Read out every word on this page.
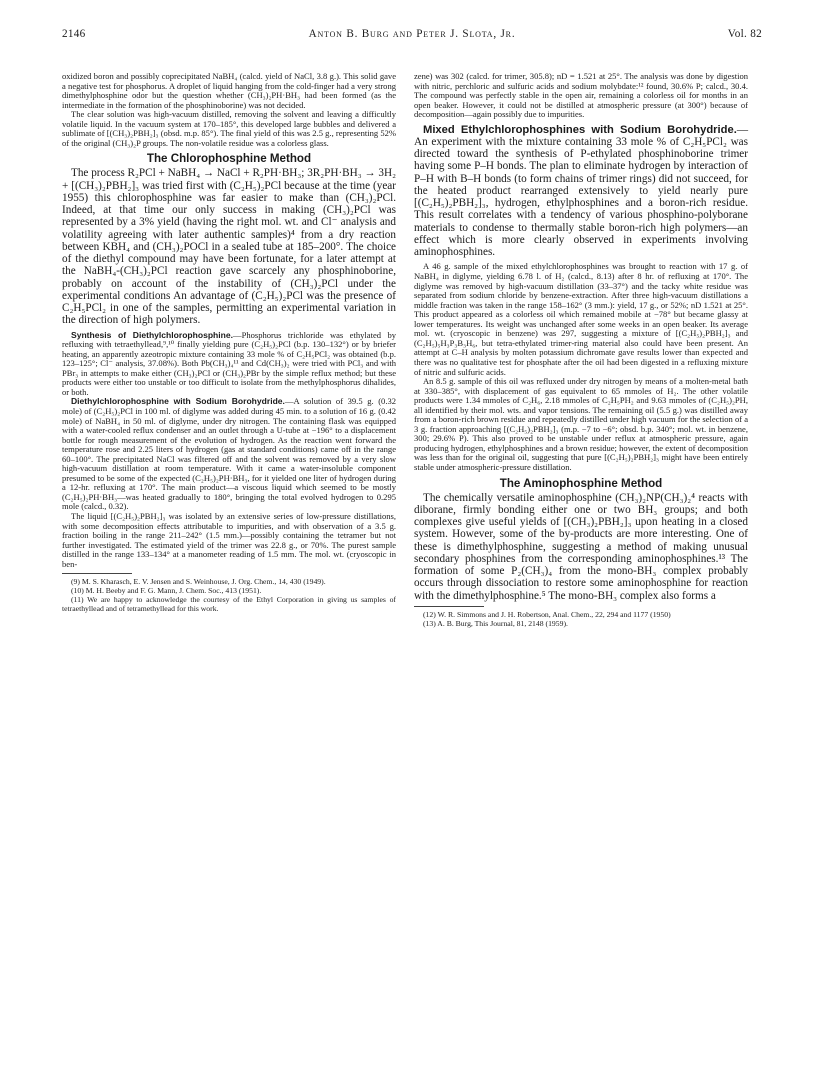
2146	Anton B. Burg and Peter J. Slota, Jr.	Vol. 82

oxidized boron and possibly coprecipitated NaBH₄ (calcd. yield of NaCl, 3.8 g.). This solid gave a negative test for phosphorus. A droplet of liquid hanging from the cold-finger had a very strong dimethylphosphine odor but the question whether (CH₃)₂PH·BH₃ had been formed (as the intermediate in the formation of the phosphinoborine) was not decided.

The clear solution was high-vacuum distilled, removing the solvent and leaving a difficultly volatile liquid. In the vacuum system at 170–185°, this developed large bubbles and delivered a sublimate of [(CH₃)₂PBH₂]₃ (obsd. m.p. 85°). The final yield of this was 2.5 g., representing 52% of the original (CH₃)₂P groups. The non-volatile residue was a colorless glass.

The Chlorophosphine Method

The process R₂PCl + NaBH₄ → NaCl + R₂PH·BH₃; 3R₂PH·BH₃ → 3H₂ + [(CH₃)₂PBH₂]₃ was tried first with (C₂H₅)₂PCl because at the time (year 1955) this chlorophosphine was far easier to make than (CH₃)₂PCl. Indeed, at that time our only success in making (CH₃)₂PCl was represented by a 3% yield (having the right mol. wt. and Cl⁻ analysis and volatility agreeing with later authentic samples)⁴ from a dry reaction between KBH₄ and (CH₃)₂POCl in a sealed tube at 185–200°. The choice of the diethyl compound may have been fortunate, for a later attempt at the NaBH₄-(CH₃)₂PCl reaction gave scarcely any phosphinoborine, probably on account of the instability of (CH₃)₂PCl under the experimental conditions An advantage of (C₂H₅)₂PCl was the presence of C₂H₅PCl₂ in one of the samples, permitting an experimental variation in the direction of high polymers.

Synthesis of Diethylchlorophosphine.—Phosphorus trichloride was ethylated by refluxing with tetraethyllead,⁹,¹⁰ finally yielding pure (C₂H₅)₂PCl (b.p. 130–132°) or by briefer heating, an apparently azeotropic mixture containing 33 mole % of C₂H₅PCl₂ was obtained (b.p. 123–125°; Cl⁻ analysis, 37.08%). Both Pb(CH₃)₄¹¹ and Cd(CH₃)₂ were tried with PCl₃ and with PBr₃ in attempts to make either (CH₃)₂PCl or (CH₃)₂PBr by the simple reflux method; but these products were either too unstable or too difficult to isolate from the methylphosphorus dihalides, or both.

Diethylchlorophosphine with Sodium Borohydride.—A solution of 39.5 g. (0.32 mole) of (C₂H₅)₂PCl in 100 ml. of diglyme was added during 45 min. to a solution of 16 g. (0.42 mole) of NaBH₄ in 50 ml. of diglyme, under dry nitrogen. The containing flask was equipped with a water-cooled reflux condenser and an outlet through a U-tube at −196° to a displacement bottle for rough measurement of the evolution of hydrogen. As the reaction went forward the temperature rose and 2.25 liters of hydrogen (gas at standard conditions) came off in the range 60–100°. The precipitated NaCl was filtered off and the solvent was removed by a very slow high-vacuum distillation at room temperature. With it came a water-insoluble component presumed to be some of the expected (C₂H₅)₂PH·BH₃, for it yielded one liter of hydrogen during a 12-hr. refluxing at 170°. The main product—a viscous liquid which seemed to be mostly (C₂H₅)₂PH·BH₃—was heated gradually to 180°, bringing the total evolved hydrogen to 0.295 mole (calcd., 0.32).

The liquid [(C₂H₅)₂PBH₂]₃ was isolated by an extensive series of low-pressure distillations, with some decomposition effects attributable to impurities, and with observation of a 3.5 g. fraction boiling in the range 211–242° (1.5 mm.)—possibly containing the tetramer but not further investigated. The estimated yield of the trimer was 22.8 g., or 70%. The purest sample distilled in the range 133–134° at a manometer reading of 1.5 mm. The mol. wt. (cryoscopic in ben-

(9) M. S. Kharasch, E. V. Jensen and S. Weinhouse, J. Org. Chem., 14, 430 (1949).

(10) M. H. Beeby and F. G. Mann, J. Chem. Soc., 413 (1951).

(11) We are happy to acknowledge the courtesy of the Ethyl Corporation in giving us samples of tetraethyllead and of tetramethyllead for this work.

zene) was 302 (calcd. for trimer, 305.8); nD = 1.521 at 25°. The analysis was done by digestion with nitric, perchloric and sulfuric acids and sodium molybdate:¹² found, 30.6% P; calcd., 30.4. The compound was perfectly stable in the open air, remaining a colorless oil for months in an open beaker. However, it could not be distilled at atmospheric pressure (at 300°) because of decomposition—again possibly due to impurities.

Mixed Ethylchlorophosphines with Sodium Borohydride.—An experiment with the mixture containing 33 mole % of C₂H₅PCl₂ was directed toward the synthesis of P-ethylated phosphinoborine trimer having some P–H bonds. The plan to eliminate hydrogen by interaction of P–H with B–H bonds (to form chains of trimer rings) did not succeed, for the heated product rearranged extensively to yield nearly pure [(C₂H₅)₂PBH₂]₃, hydrogen, ethylphosphines and a boron-rich residue. This result correlates with a tendency of various phosphino-polyborane materials to condense to thermally stable boron-rich high polymers—an effect which is more clearly observed in experiments involving aminophosphines.

A 46 g. sample of the mixed ethylchlorophosphines was brought to reaction with 17 g. of NaBH₄ in diglyme, yielding 6.78 l. of H₂ (calcd., 8.13) after 8 hr. of refluxing at 170°. The diglyme was removed by high-vacuum distillation (33–37°) and the tacky white residue was separated from sodium chloride by benzene-extraction. After three high-vacuum distillations a middle fraction was taken in the range 158–162° (3 mm.): yield, 17 g., or 52%; nD 1.521 at 25°. This product appeared as a colorless oil which remained mobile at −78° but became glassy at lower temperatures. Its weight was unchanged after some weeks in an open beaker. Its average mol. wt. (cryoscopic in benzene) was 297, suggesting a mixture of [(C₂H₅)₂PBH₂]₃ and (C₂H₅)₅H₃P₃B₃H₆, but tetra-ethylated trimer-ring material also could have been present. An attempt at C–H analysis by molten potassium dichromate gave results lower than expected and there was no qualitative test for phosphate after the oil had been digested in a refluxing mixture of nitric and sulfuric acids.

An 8.5 g. sample of this oil was refluxed under dry nitrogen by means of a molten-metal bath at 330–385°, with displacement of gas equivalent to 65 mmoles of H₂. The other volatile products were 1.34 mmoles of C₂H₆, 2.18 mmoles of C₂H₅PH₂ and 9.63 mmoles of (C₂H₅)₂PH, all identified by their mol. wts. and vapor tensions. The remaining oil (5.5 g.) was distilled away from a boron-rich brown residue and repeatedly distilled under high vacuum for the selection of a 3 g. fraction approaching [(C₂H₅)₂PBH₂]₃ (m.p. −7 to −6°; obsd. b.p. 340°; mol. wt. in benzene, 300; 29.6% P). This also proved to be unstable under reflux at atmospheric pressure, again producing hydrogen, ethylphosphines and a brown residue; however, the extent of decomposition was less than for the original oil, suggesting that pure [(C₂H₅)₂PBH₂]₃ might have been entirely stable under atmospheric-pressure distillation.

The Aminophosphine Method

The chemically versatile aminophosphine (CH₃)₂NP(CH₃)₂⁴ reacts with diborane, firmly bonding either one or two BH₃ groups; and both complexes give useful yields of [(CH₃)₂PBH₂]₃ upon heating in a closed system. However, some of the by-products are more interesting. One of these is dimethylphosphine, suggesting a method of making unusual secondary phosphines from the corresponding aminophosphines.¹³ The formation of some P₂(CH₃)₄ from the mono-BH₃ complex probably occurs through dissociation to restore some aminophosphine for reaction with the dimethylphosphine.⁵ The mono-BH₃ complex also forms a

(12) W. R. Simmons and J. H. Robertson, Anal. Chem., 22, 294 and 1177 (1950)

(13) A. B. Burg, This Journal, 81, 2148 (1959).
